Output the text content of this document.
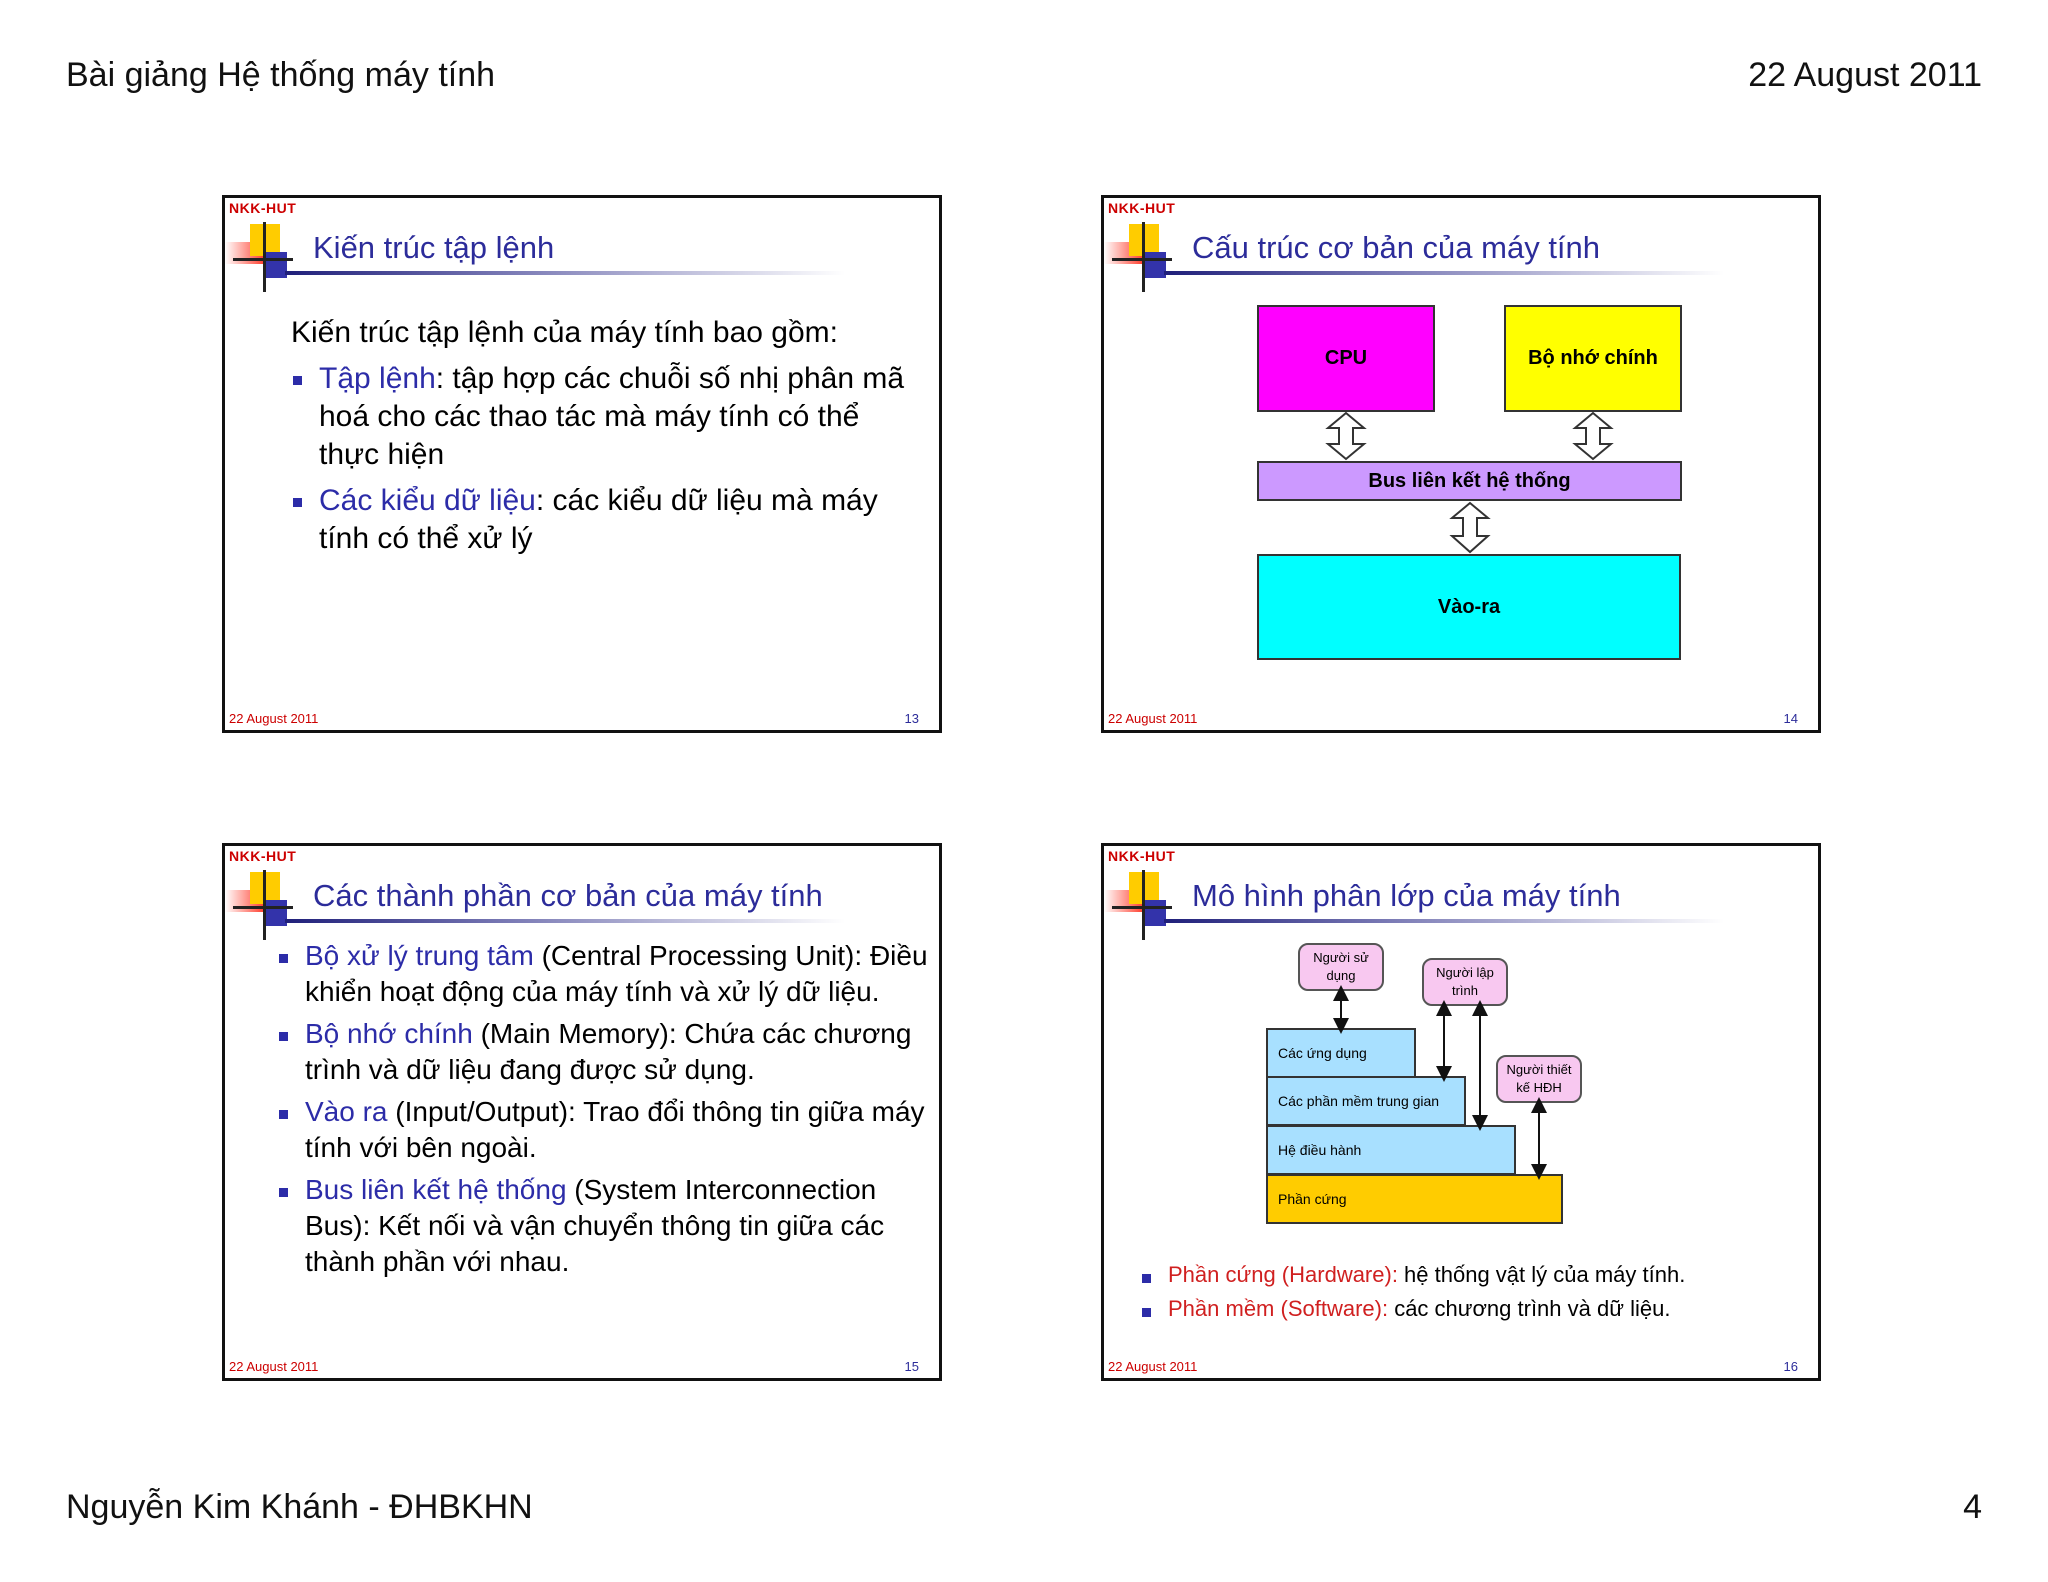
Bài giảng Hệ thống máy tính	22 August 2011
Nguyễn Kim Khánh - ĐHBKHN	4
NKK-HUT
Kiến trúc tập lệnh
Kiến trúc tập lệnh của máy tính bao gồm:
Tập lệnh: tập hợp các chuỗi số nhị phân mã hoá cho các thao tác mà máy tính có thể thực hiện
Các kiểu dữ liệu: các kiểu dữ liệu mà máy tính có thể xử lý
22 August 2011	13
NKK-HUT
Cấu trúc cơ bản của máy tính
CPU	Bộ nhớ chính
Bus liên kết hệ thống
Vào-ra
22 August 2011	14
NKK-HUT
Các thành phần cơ bản của máy tính
Bộ xử lý trung tâm (Central Processing Unit): Điều khiển hoạt động của máy tính và xử lý dữ liệu.
Bộ nhớ chính (Main Memory): Chứa các chương trình và dữ liệu đang được sử dụng.
Vào ra (Input/Output): Trao đổi thông tin giữa máy tính với bên ngoài.
Bus liên kết hệ thống (System Interconnection Bus): Kết nối và vận chuyển thông tin giữa các thành phần với nhau.
22 August 2011	15
NKK-HUT
Mô hình phân lớp của máy tính
Các ứng dụng
Các phần mềm trung gian
Hệ điều hành
Phần cứng
Người sử dụng	Người lập trình
Người thiết kế HĐH
Phần cứng (Hardware): hệ thống vật lý của máy tính.
Phần mềm (Software): các chương trình và dữ liệu.
22 August 2011	16
